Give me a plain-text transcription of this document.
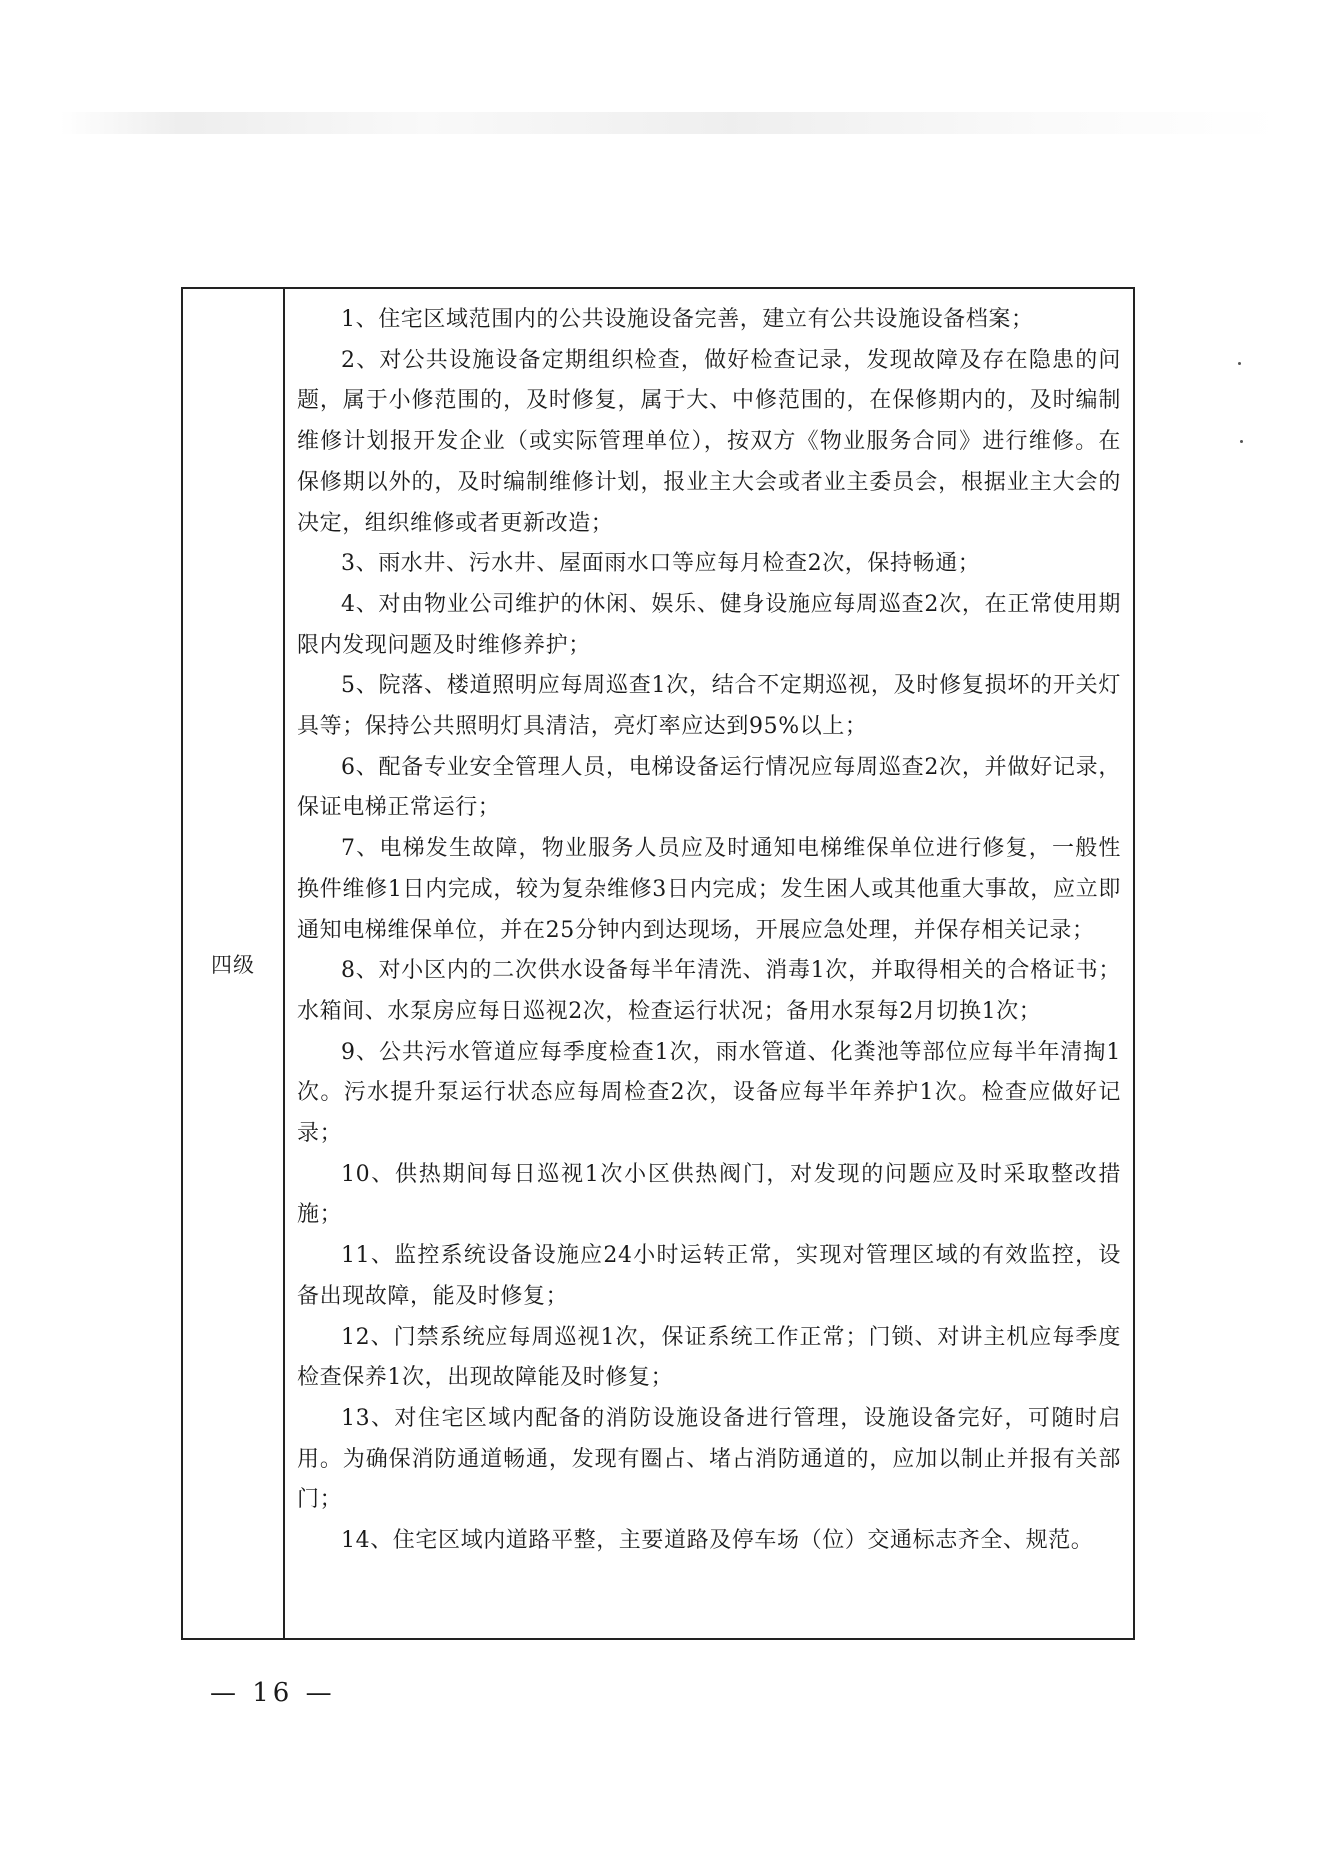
四级	

1、住宅区域范围内的公共设施设备完善，建立有公共设施设备档案；

2、对公共设施设备定期组织检查，做好检查记录，发现故障及存在隐患的问题，属于小修范围的，及时修复，属于大、中修范围的，在保修期内的，及时编制维修计划报开发企业（或实际管理单位），按双方《物业服务合同》进行维修。在保修期以外的，及时编制维修计划，报业主大会或者业主委员会，根据业主大会的决定，组织维修或者更新改造；

3、雨水井、污水井、屋面雨水口等应每月检查2次，保持畅通；

4、对由物业公司维护的休闲、娱乐、健身设施应每周巡查2次，在正常使用期限内发现问题及时维修养护；

5、院落、楼道照明应每周巡查1次，结合不定期巡视，及时修复损坏的开关灯具等；保持公共照明灯具清洁，亮灯率应达到95%以上；

6、配备专业安全管理人员，电梯设备运行情况应每周巡查2次，并做好记录，保证电梯正常运行；

7、电梯发生故障，物业服务人员应及时通知电梯维保单位进行修复，一般性换件维修1日内完成，较为复杂维修3日内完成；发生困人或其他重大事故，应立即通知电梯维保单位，并在25分钟内到达现场，开展应急处理，并保存相关记录；

8、对小区内的二次供水设备每半年清洗、消毒1次，并取得相关的合格证书；水箱间、水泵房应每日巡视2次，检查运行状况；备用水泵每2月切换1次；

9、公共污水管道应每季度检查1次，雨水管道、化粪池等部位应每半年清掏1次。污水提升泵运行状态应每周检查2次，设备应每半年养护1次。检查应做好记录；

10、供热期间每日巡视1次小区供热阀门，对发现的问题应及时采取整改措施；

11、监控系统设备设施应24小时运转正常，实现对管理区域的有效监控，设备出现故障，能及时修复；

12、门禁系统应每周巡视1次，保证系统工作正常；门锁、对讲主机应每季度检查保养1次，出现故障能及时修复；

13、对住宅区域内配备的消防设施设备进行管理，设施设备完好，可随时启用。为确保消防通道畅通，发现有圈占、堵占消防通道的，应加以制止并报有关部门；

14、住宅区域内道路平整，主要道路及停车场（位）交通标志齐全、规范。

— 16 —
